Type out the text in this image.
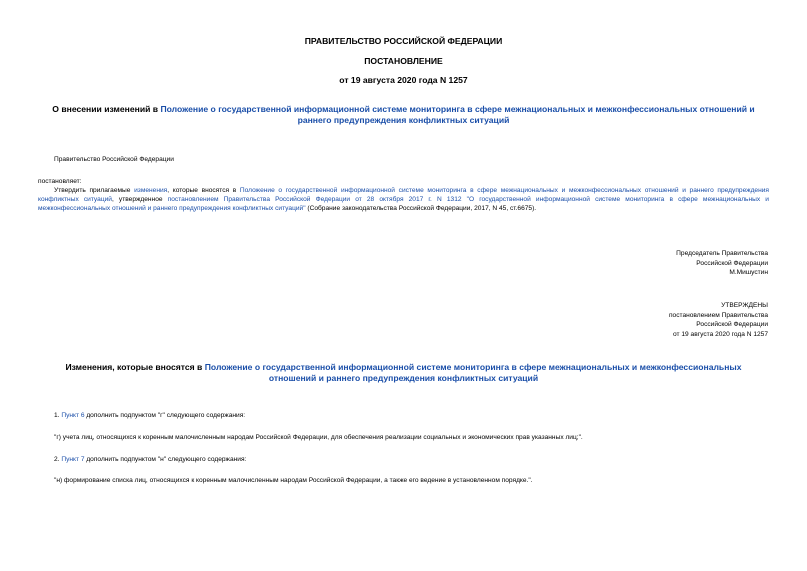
ПРАВИТЕЛЬСТВО РОССИЙСКОЙ ФЕДЕРАЦИИ
ПОСТАНОВЛЕНИЕ
от 19 августа 2020 года N 1257
О внесении изменений в Положение о государственной информационной системе мониторинга в сфере межнациональных и межконфессиональных отношений и раннего предупреждения конфликтных ситуаций
Правительство Российской Федерации
постановляет:
Утвердить прилагаемые изменения, которые вносятся в Положение о государственной информационной системе мониторинга в сфере межнациональных и межконфессиональных отношений и раннего предупреждения конфликтных ситуаций, утвержденное постановлением Правительства Российской Федерации от 28 октября 2017 г. N 1312 "О государственной информационной системе мониторинга в сфере межнациональных и межконфессиональных отношений и раннего предупреждения конфликтных ситуаций" (Собрание законодательства Российской Федерации, 2017, N 45, ст.6675).
Председатель Правительства
Российской Федерации
М.Мишустин
УТВЕРЖДЕНЫ
постановлением Правительства
Российской Федерации
от 19 августа 2020 года N 1257
Изменения, которые вносятся в Положение о государственной информационной системе мониторинга в сфере межнациональных и межконфессиональных отношений и раннего предупреждения конфликтных ситуаций
1. Пункт 6 дополнить подпунктом "г" следующего содержания:
"г) учета лиц, относящихся к коренным малочисленным народам Российской Федерации, для обеспечения реализации социальных и экономических прав указанных лиц;".
2. Пункт 7 дополнить подпунктом "н" следующего содержания:
"н) формирование списка лиц, относящихся к коренным малочисленным народам Российской Федерации, а также его ведение в установленном порядке.".
